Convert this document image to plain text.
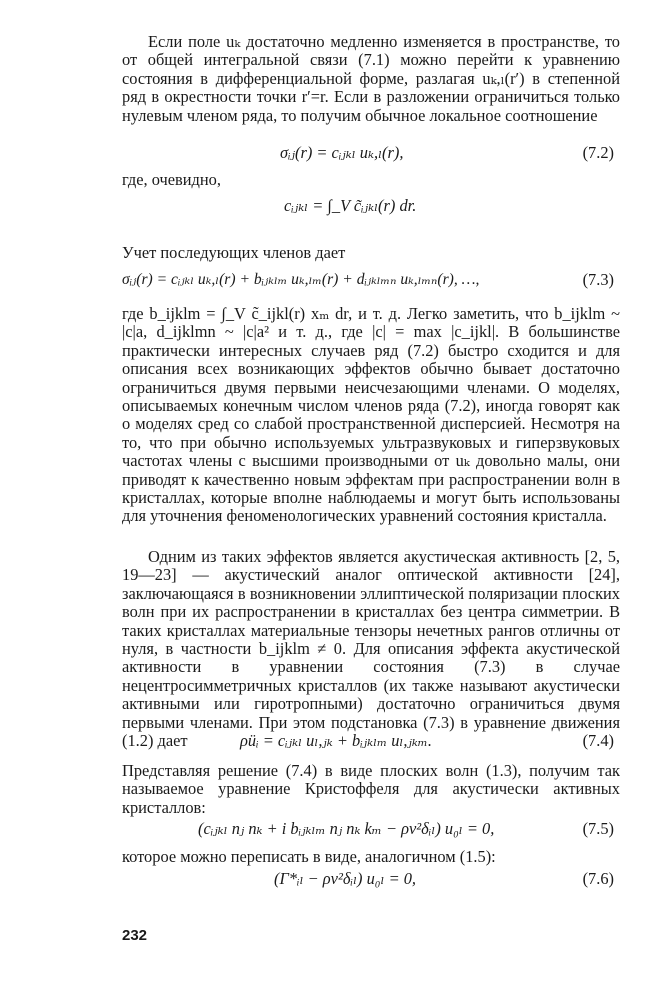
Если поле uₖ достаточно медленно изменяется в пространстве, то от общей интегральной связи (7.1) можно перейти к уравнению состояния в дифференциальной форме, разлагая uₖ,ₗ(r′) в степенной ряд в окрестности точки r′=r. Если в разложении ограничиться только нулевым членом ряда, то получим обычное локальное соотношение

σᵢⱼ(r) = cᵢⱼₖₗ uₖ,ₗ(r),	(7.2)

где, очевидно,

cᵢⱼₖₗ = ∫_V c̃ᵢⱼₖₗ(r) dr.

Учет последующих членов дает

σᵢⱼ(r) = cᵢⱼₖₗ uₖ,ₗ(r) + bᵢⱼₖₗₘ uₖ,ₗₘ(r) + dᵢⱼₖₗₘₙ uₖ,ₗₘₙ(r), …,	(7.3)

где b_ijklm = ∫_V c̃_ijkl(r) xₘ dr, и т. д. Легко заметить, что b_ijklm ~ |c|a, d_ijklmn ~ |c|a² и т. д., где |c| = max |c_ijkl|. В большинстве практически интересных случаев ряд (7.2) быстро сходится и для описания всех возникающих эффектов обычно бывает достаточно ограничиться двумя первыми неисчезающими членами. О моделях, описываемых конечным числом членов ряда (7.2), иногда говорят как о моделях сред со слабой пространственной дисперсией. Несмотря на то, что при обычно используемых ультразвуковых и гиперзвуковых частотах члены с высшими производными от uₖ довольно малы, они приводят к качественно новым эффектам при распространении волн в кристаллах, которые вполне наблюдаемы и могут быть использованы для уточнения феноменологических уравнений состояния кристалла.

Одним из таких эффектов является акустическая активность [2, 5, 19—23] — акустический аналог оптической активности [24], заключающаяся в возникновении эллиптической поляризации плоских волн при их распространении в кристаллах без центра симметрии. В таких кристаллах материальные тензоры нечетных рангов отличны от нуля, в частности b_ijklm ≠ 0. Для описания эффекта акустической активности в уравнении состояния (7.3) в случае нецентросимметричных кристаллов (их также называют акустически активными или гиротропными) достаточно ограничиться двумя первыми членами. При этом подстановка (7.3) в уравнение движения (1.2) дает	ρüᵢ = cᵢⱼₖₗ uₗ,ⱼₖ + bᵢⱼₖₗₘ uₗ,ⱼₖₘ.	(7.4)

Представляя решение (7.4) в виде плоских волн (1.3), получим так называемое уравнение Кристоффеля для акустически активных кристаллов:

(cᵢⱼₖₗ nⱼ nₖ + i bᵢⱼₖₗₘ nⱼ nₖ kₘ − ρv²δᵢₗ) u₀ₗ = 0,	(7.5)

которое можно переписать в виде, аналогичном (1.5):

(Γ*ᵢₗ − ρv²δᵢₗ) u₀ₗ = 0,	(7.6)
232
